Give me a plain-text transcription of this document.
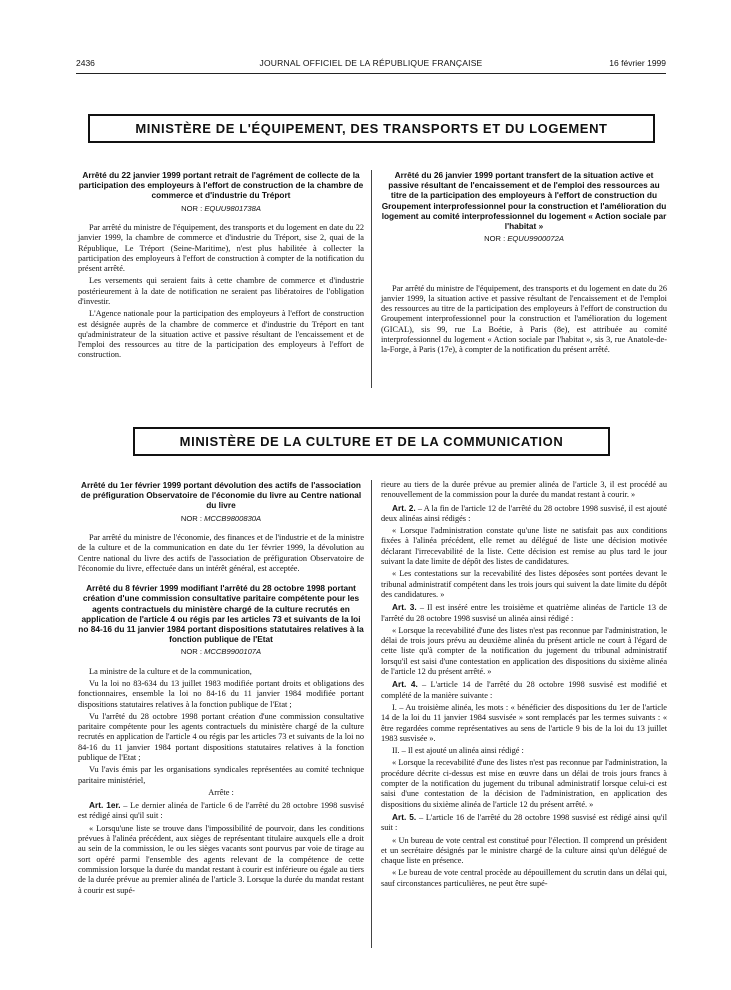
2436	JOURNAL OFFICIEL DE LA RÉPUBLIQUE FRANÇAISE	16 février 1999
MINISTÈRE DE L'ÉQUIPEMENT, DES TRANSPORTS ET DU LOGEMENT
Arrêté du 22 janvier 1999 portant retrait de l'agrément de collecte de la participation des employeurs à l'effort de construction de la chambre de commerce et d'industrie du Tréport
NOR : EQUU9801738A

Par arrêté du ministre de l'équipement, des transports et du logement en date du 22 janvier 1999, la chambre de commerce et d'industrie du Tréport, sise 2, quai de la République, Le Tréport (Seine-Maritime), n'est plus habilitée à collecter la participation des employeurs à l'effort de construction à compter de la notification du présent arrêté.

Les versements qui seraient faits à cette chambre de commerce et d'industrie postérieurement à la date de notification ne seraient pas libératoires de l'obligation d'investir.

L'Agence nationale pour la participation des employeurs à l'effort de construction est désignée auprès de la chambre de commerce et d'industrie du Tréport en tant qu'administrateur de la situation active et passive résultant de l'encaissement et de l'emploi des ressources au titre de la participation des employeurs à l'effort de construction.

Arrêté du 26 janvier 1999 portant transfert de la situation active et passive résultant de l'encaissement et de l'emploi des ressources au titre de la participation des employeurs à l'effort de construction du Groupement interprofessionnel pour la construction et l'amélioration du logement au comité interprofessionnel du logement « Action sociale par l'habitat »
NOR : EQUU9900072A

Par arrêté du ministre de l'équipement, des transports et du logement en date du 26 janvier 1999, la situation active et passive résultant de l'encaissement et de l'emploi des ressources au titre de la participation des employeurs à l'effort de construction du Groupement interprofessionnel pour la construction et l'amélioration du logement (GICAL), sis 99, rue La Boétie, à Paris (8e), est attribuée au comité interprofessionnel du logement « Action sociale par l'habitat », sis 3, rue Anatole-de-la-Forge, à Paris (17e), à compter de la notification du présent arrêté.

MINISTÈRE DE LA CULTURE ET DE LA COMMUNICATION
Arrêté du 1er février 1999 portant dévolution des actifs de l'association de préfiguration Observatoire de l'économie du livre au Centre national du livre
NOR : MCCB9800830A

Par arrêté du ministre de l'économie, des finances et de l'industrie et de la ministre de la culture et de la communication en date du 1er février 1999, la dévolution au Centre national du livre des actifs de l'association de préfiguration Observatoire de l'économie du livre, effectuée dans un intérêt général, est acceptée.

Arrêté du 8 février 1999 modifiant l'arrêté du 28 octobre 1998 portant création d'une commission consultative paritaire compétente pour les agents contractuels du ministère chargé de la culture recrutés en application de l'article 4 ou régis par les articles 73 et suivants de la loi no 84-16 du 11 janvier 1984 portant dispositions statutaires relatives à la fonction publique de l'Etat
NOR : MCCB9900107A

La ministre de la culture et de la communication,

Vu la loi no 83-634 du 13 juillet 1983 modifiée portant droits et obligations des fonctionnaires, ensemble la loi no 84-16 du 11 janvier 1984 modifiée portant dispositions statutaires relatives à la fonction publique de l'Etat ;

Vu l'arrêté du 28 octobre 1998 portant création d'une commission consultative paritaire compétente pour les agents contractuels du ministère chargé de la culture recrutés en application de l'article 4 ou régis par les articles 73 et suivants de la loi no 84-16 du 11 janvier 1984 portant dispositions statutaires relatives à la fonction publique de l'Etat ;

Vu l'avis émis par les organisations syndicales représentées au comité technique paritaire ministériel,

Arrête :

Art. 1er. – Le dernier alinéa de l'article 6 de l'arrêté du 28 octobre 1998 susvisé est rédigé ainsi qu'il suit :

« Lorsqu'une liste se trouve dans l'impossibilité de pourvoir, dans les conditions prévues à l'alinéa précédent, aux sièges de représentant titulaire auxquels elle a droit au sein de la commission, le ou les sièges vacants sont pourvus par voie de tirage au sort opéré parmi l'ensemble des agents relevant de la compétence de cette commission lorsque la durée du mandat restant à courir est inférieure ou égale au tiers de la durée prévue au premier alinéa de l'article 3. Lorsque la durée du mandat restant à courir est supé-

rieure au tiers de la durée prévue au premier alinéa de l'article 3, il est procédé au renouvellement de la commission pour la durée du mandat restant à courir. »

Art. 2. – A la fin de l'article 12 de l'arrêté du 28 octobre 1998 susvisé, il est ajouté deux alinéas ainsi rédigés :

« Lorsque l'administration constate qu'une liste ne satisfait pas aux conditions fixées à l'alinéa précédent, elle remet au délégué de liste une décision motivée déclarant l'irrecevabilité de la liste. Cette décision est remise au plus tard le jour suivant la date limite de dépôt des listes de candidatures.

« Les contestations sur la recevabilité des listes déposées sont portées devant le tribunal administratif compétent dans les trois jours qui suivent la date limite du dépôt des candidatures. »

Art. 3. – Il est inséré entre les troisième et quatrième alinéas de l'article 13 de l'arrêté du 28 octobre 1998 susvisé un alinéa ainsi rédigé :

« Lorsque la recevabilité d'une des listes n'est pas reconnue par l'administration, le délai de trois jours prévu au deuxième alinéa du présent article ne court à l'égard de cette liste qu'à compter de la notification du jugement du tribunal administratif lorsqu'il est saisi d'une contestation en application des dispositions du sixième alinéa de l'article 12 du présent arrêté. »

Art. 4. – L'article 14 de l'arrêté du 28 octobre 1998 susvisé est modifié et complété de la manière suivante :

I. – Au troisième alinéa, les mots : « bénéficier des dispositions du 1er de l'article 14 de la loi du 11 janvier 1984 susvisée » sont remplacés par les termes suivants : « être regardées comme représentatives au sens de l'article 9 bis de la loi du 13 juillet 1983 susvisée ».

II. – Il est ajouté un alinéa ainsi rédigé :

« Lorsque la recevabilité d'une des listes n'est pas reconnue par l'administration, la procédure décrite ci-dessus est mise en œuvre dans un délai de trois jours francs à compter de la notification du jugement du tribunal administratif lorsque celui-ci est saisi d'une contestation de la décision de l'administration, en application des dispositions du sixième alinéa de l'article 12 du présent arrêté. »

Art. 5. – L'article 16 de l'arrêté du 28 octobre 1998 susvisé est rédigé ainsi qu'il suit :

« Un bureau de vote central est constitué pour l'élection. Il comprend un président et un secrétaire désignés par le ministre chargé de la culture ainsi qu'un délégué de chaque liste en présence.

« Le bureau de vote central procède au dépouillement du scrutin dans un délai qui, sauf circonstances particulières, ne peut être supé-
